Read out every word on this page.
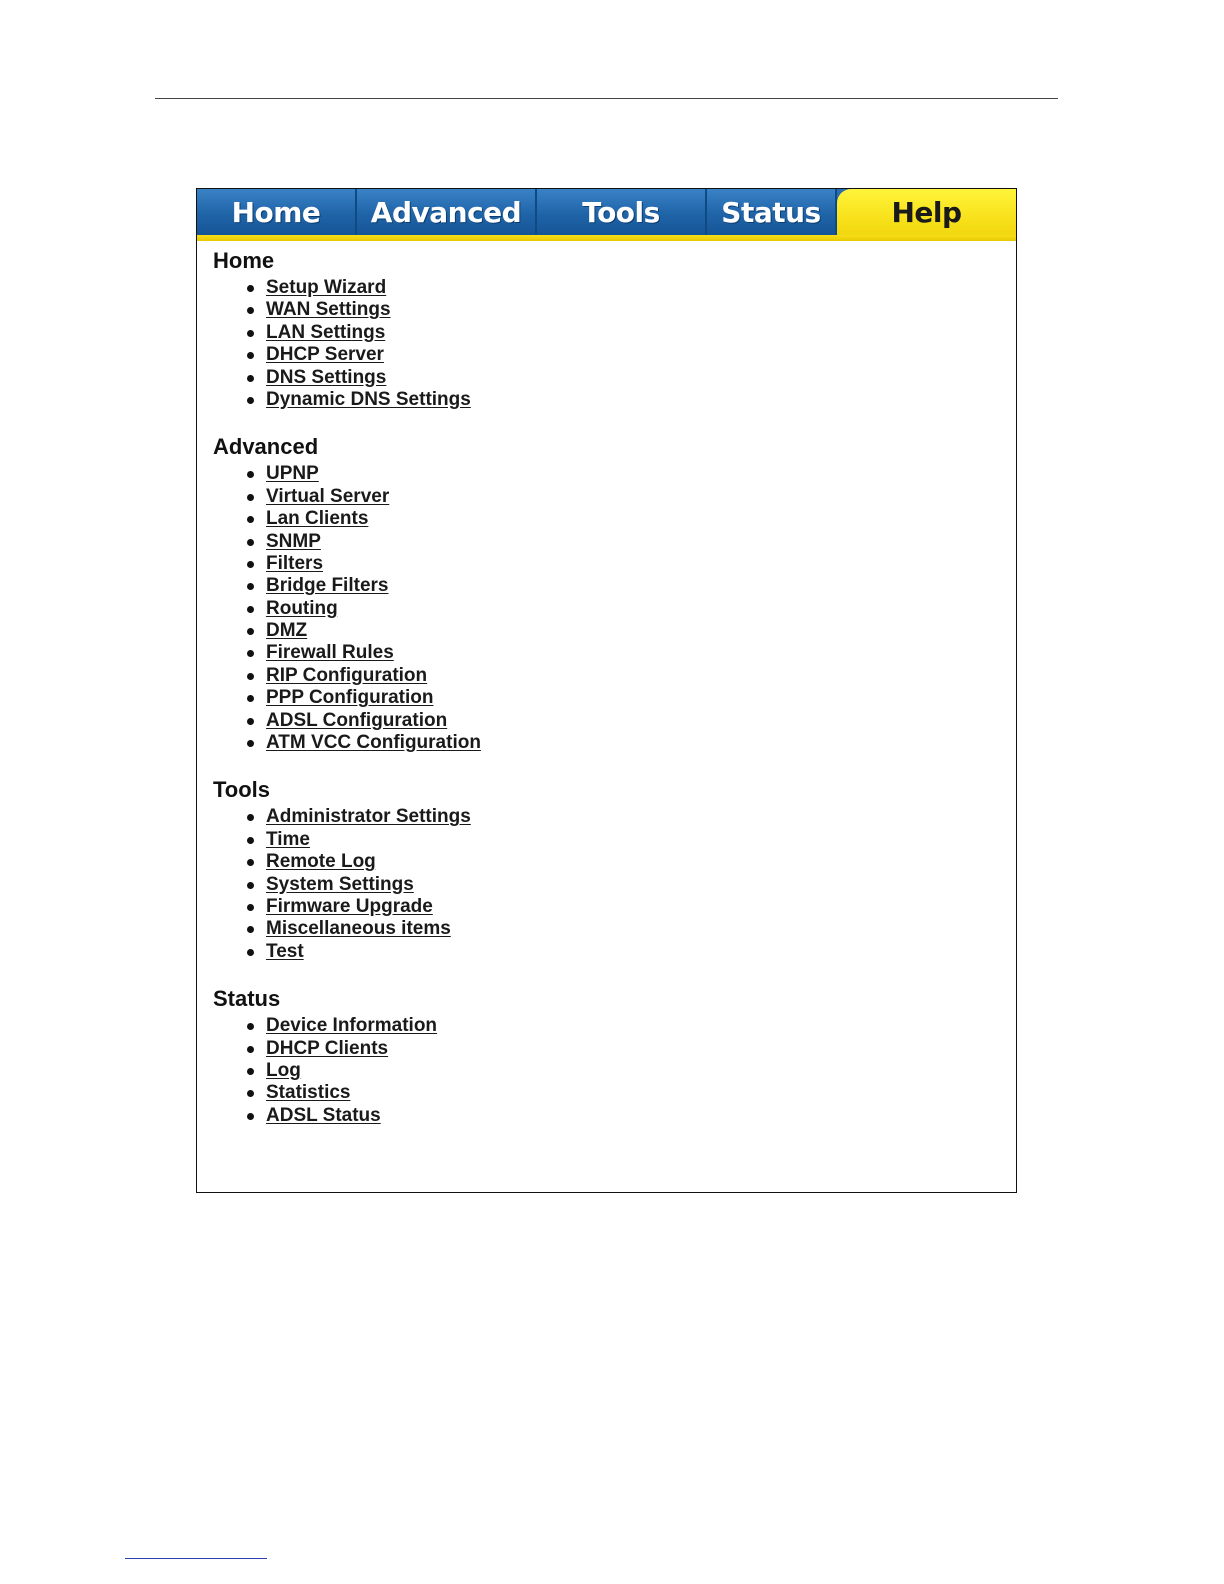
Home	Advanced	Tools	Status	Help
Home
Setup Wizard
WAN Settings
LAN Settings
DHCP Server
DNS Settings
Dynamic DNS Settings
Advanced
UPNP
Virtual Server
Lan Clients
SNMP
Filters
Bridge Filters
Routing
DMZ
Firewall Rules
RIP Configuration
PPP Configuration
ADSL Configuration
ATM VCC Configuration
Tools
Administrator Settings
Time
Remote Log
System Settings
Firmware Upgrade
Miscellaneous items
Test
Status
Device Information
DHCP Clients
Log
Statistics
ADSL Status
